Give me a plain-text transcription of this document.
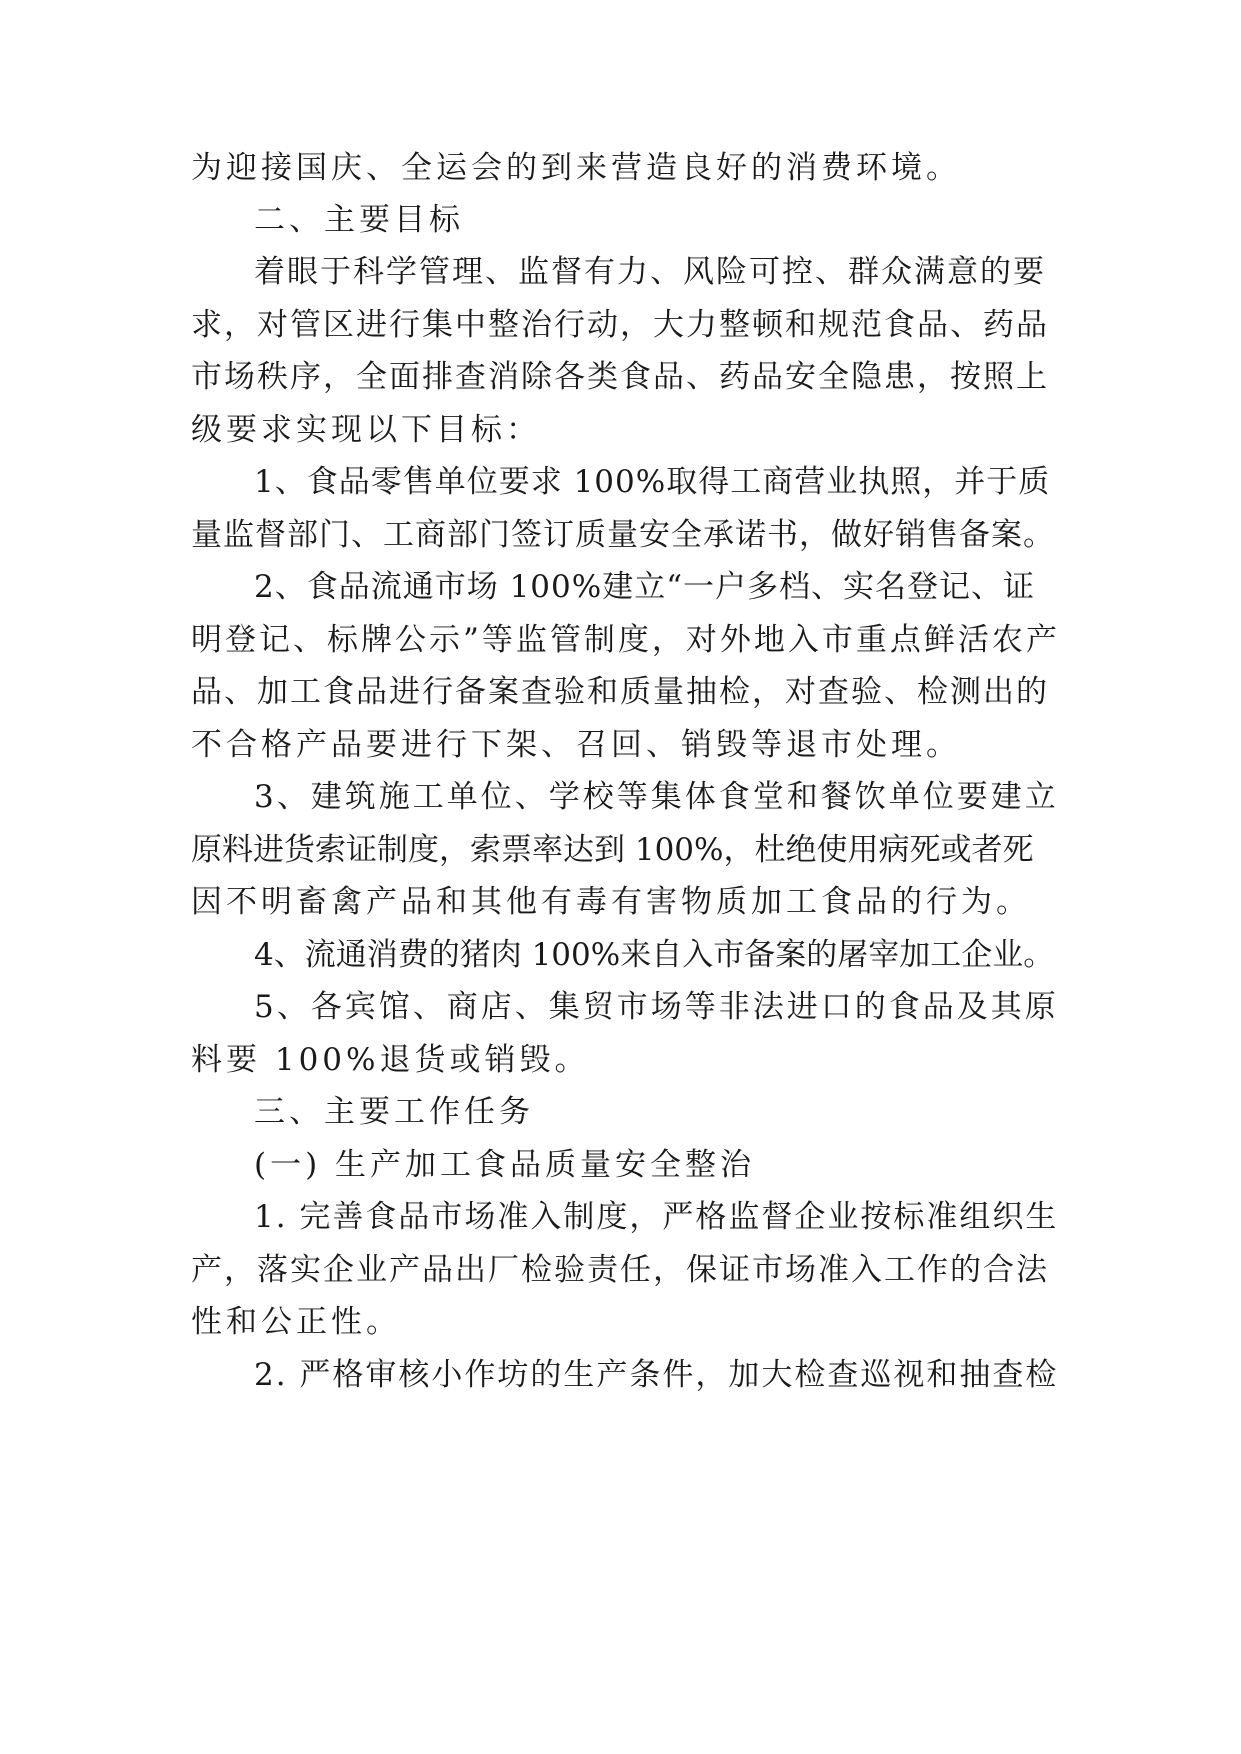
为迎接国庆、全运会的到来营造良好的消费环境。
二、主要目标
着眼于科学管理、监督有力、风险可控、群众满意的要
求，对管区进行集中整治行动，大力整顿和规范食品、药品
市场秩序，全面排查消除各类食品、药品安全隐患，按照上
级要求实现以下目标：
1、食品零售单位要求 100%取得工商营业执照，并于质
量监督部门、工商部门签订质量安全承诺书，做好销售备案。
2、食品流通市场 100%建立“一户多档、实名登记、证
明登记、标牌公示”等监管制度，对外地入市重点鲜活农产
品、加工食品进行备案查验和质量抽检，对查验、检测出的
不合格产品要进行下架、召回、销毁等退市处理。
3、建筑施工单位、学校等集体食堂和餐饮单位要建立
原料进货索证制度，索票率达到 100%，杜绝使用病死或者死
因不明畜禽产品和其他有毒有害物质加工食品的行为。
4、流通消费的猪肉 100%来自入市备案的屠宰加工企业。
5、各宾馆、商店、集贸市场等非法进口的食品及其原
料要 100%退货或销毁。
三、主要工作任务
(一) 生产加工食品质量安全整治
1. 完善食品市场准入制度，严格监督企业按标准组织生
产，落实企业产品出厂检验责任，保证市场准入工作的合法
性和公正性。
2. 严格审核小作坊的生产条件，加大检查巡视和抽查检
